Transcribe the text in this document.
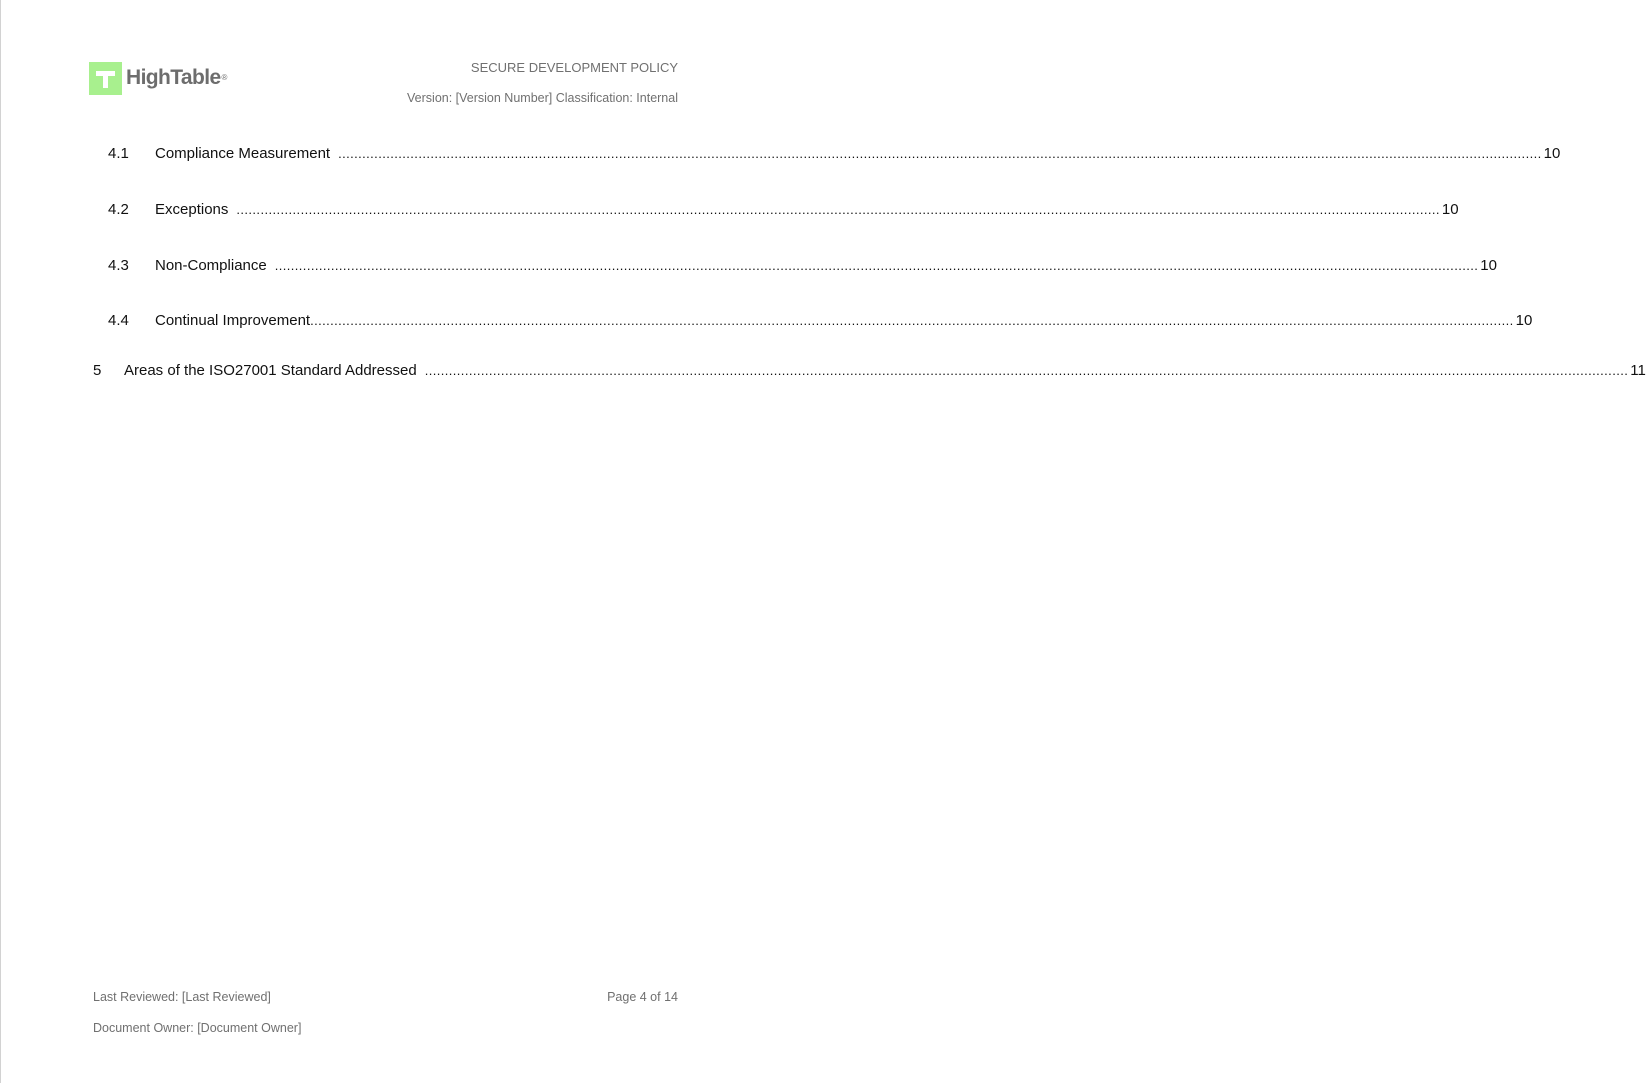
HighTable ®
SECURE DEVELOPMENT POLICY
Version: [Version Number] Classification: Internal
4.1	Compliance Measurement ............................................................................................................................................................................................................................................................................................................ 10
4.2	Exceptions ............................................................................................................................................................................................................................................................................................................ 10
4.3	Non-Compliance ............................................................................................................................................................................................................................................................................................................ 10
4.4	Continual Improvement ............................................................................................................................................................................................................................................................................................................ 10
5	Areas of the ISO27001 Standard Addressed ............................................................................................................................................................................................................................................................................................................ 11
Last Reviewed: [Last Reviewed]
Document Owner: [Document Owner]
Page 4 of 14
